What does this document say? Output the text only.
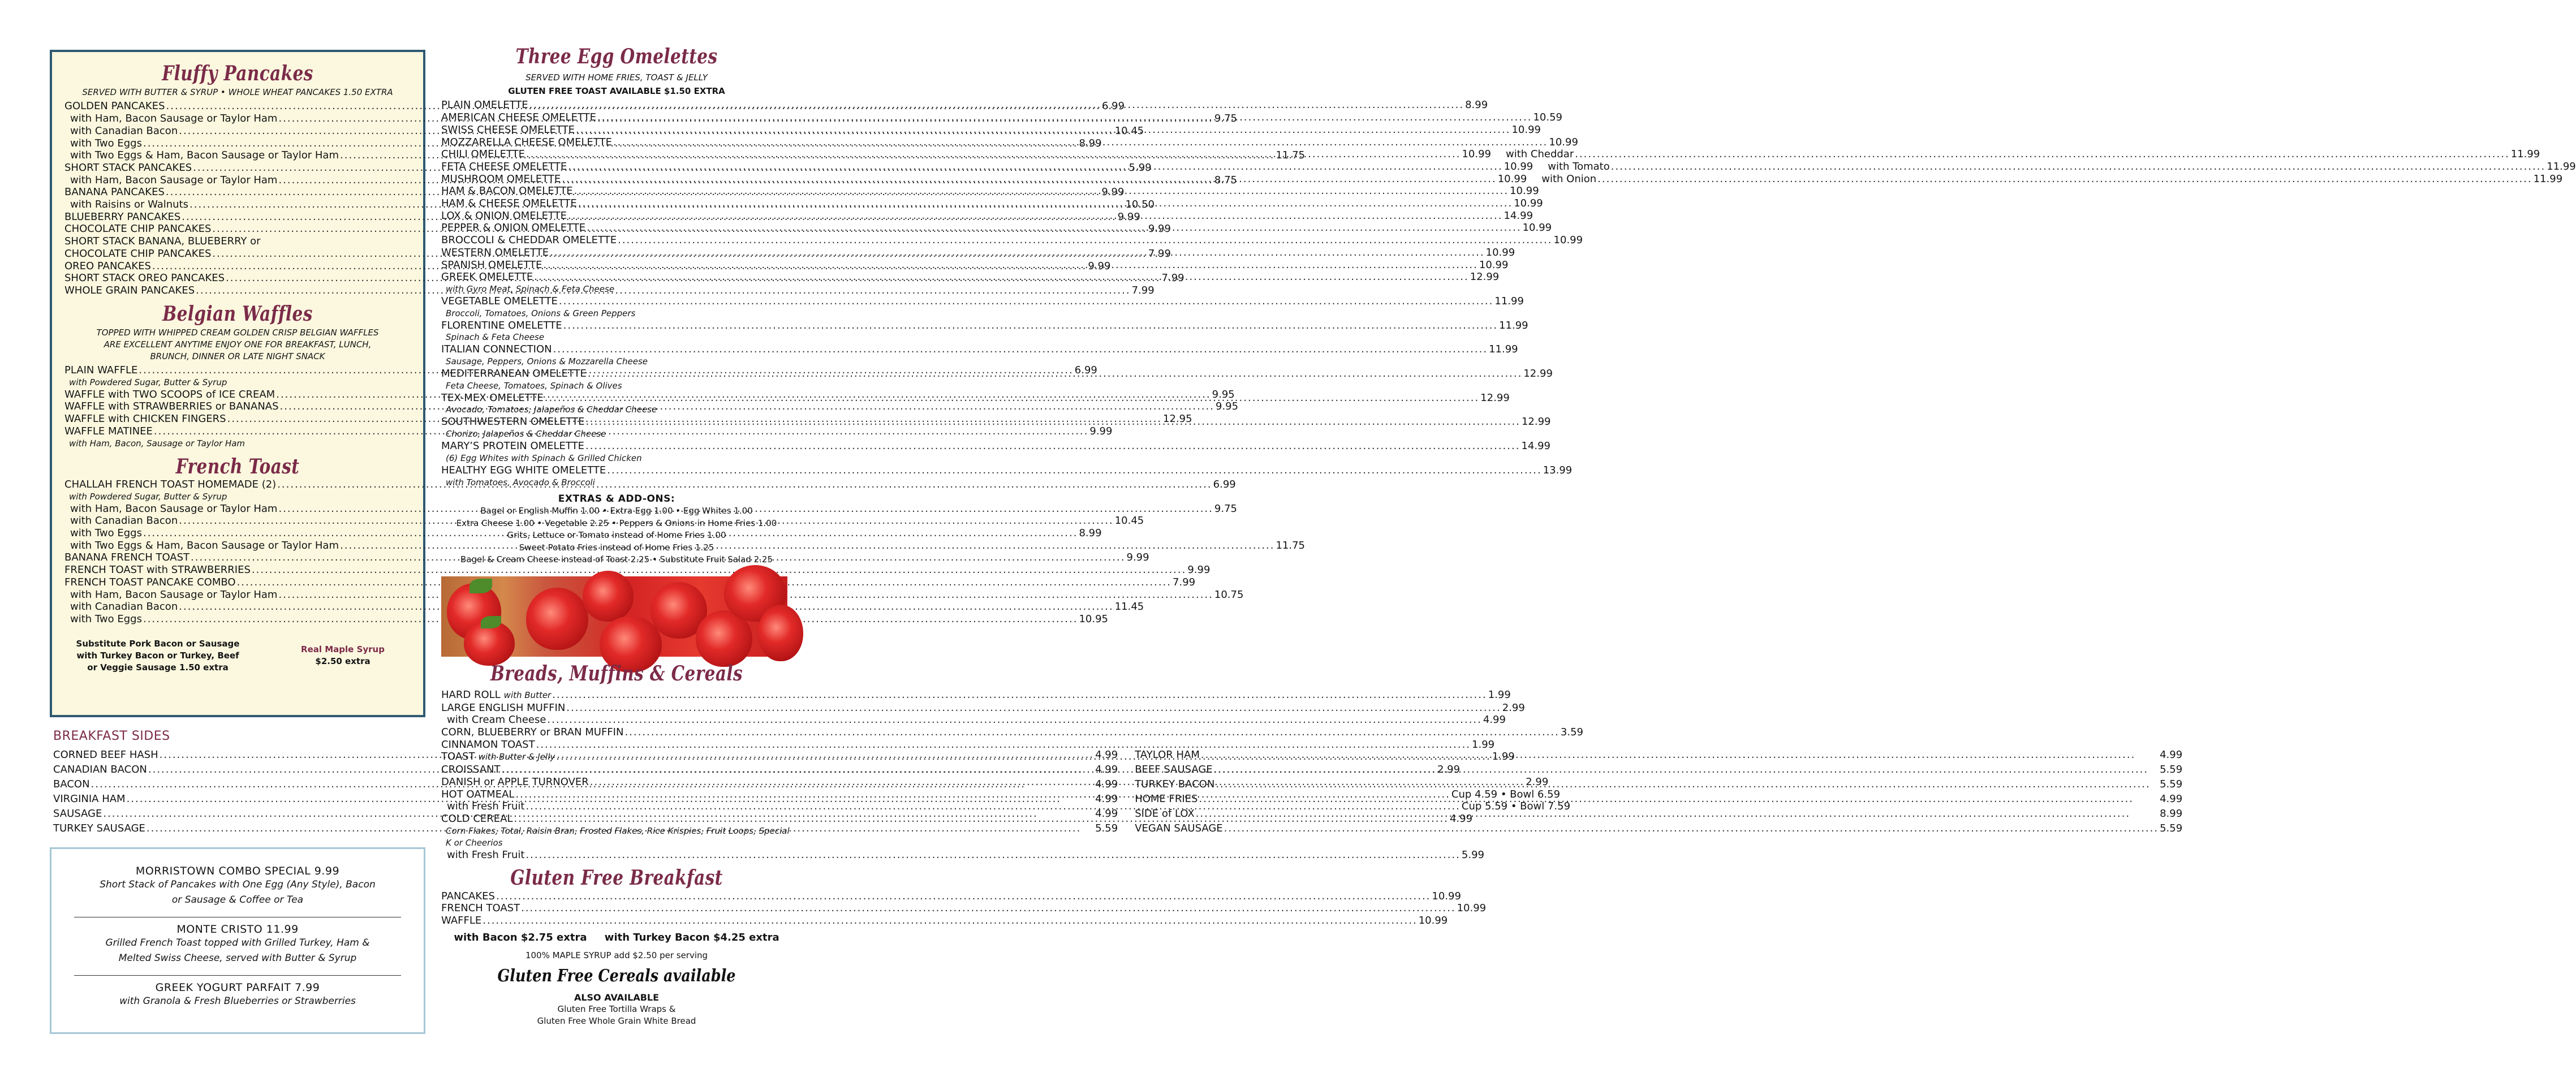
Fluffy Pancakes
SERVED WITH BUTTER & SYRUP • WHOLE WHEAT PANCAKES 1.50 EXTRA
GOLDEN PANCAKES .....	6.99
with Ham, Bacon Sausage or Taylor Ham .....	9.75
with Canadian Bacon .....	10.45
with Two Eggs .....	8.99
with Two Eggs & Ham, Bacon Sausage or Taylor Ham .....	11.75
SHORT STACK PANCAKES .....	5.99
with Ham, Bacon Sausage or Taylor Ham .....	8.75
BANANA PANCAKES .....	9.99
with Raisins or Walnuts .....	10.50
BLUEBERRY PANCAKES .....	9.99
CHOCOLATE CHIP PANCAKES .....	9.99
SHORT STACK BANANA, BLUEBERRY or
CHOCOLATE CHIP PANCAKES .....	7.99
OREO PANCAKES .....	9.99
SHORT STACK OREO PANCAKES .....	7.99
WHOLE GRAIN PANCAKES .....	7.99
Belgian Waffles
TOPPED WITH WHIPPED CREAM GOLDEN CRISP BELGIAN WAFFLES ARE EXCELLENT ANYTIME ENJOY ONE FOR BREAKFAST, LUNCH, BRUNCH, DINNER OR LATE NIGHT SNACK
PLAIN WAFFLE .....	6.99
with Powdered Sugar, Butter & Syrup
WAFFLE with TWO SCOOPS of ICE CREAM .....	9.95
WAFFLE with STRAWBERRIES or BANANAS .....	9.95
WAFFLE with CHICKEN FINGERS .....	12.95
WAFFLE MATINEE .....	9.99
with Ham, Bacon, Sausage or Taylor Ham
French Toast
CHALLAH FRENCH TOAST HOMEMADE (2) .....	6.99
with Powdered Sugar, Butter & Syrup
with Ham, Bacon Sausage or Taylor Ham .....	9.75
with Canadian Bacon .....	10.45
with Two Eggs .....	8.99
with Two Eggs & Ham, Bacon Sausage or Taylor Ham .....	11.75
BANANA FRENCH TOAST .....	9.99
FRENCH TOAST with STRAWBERRIES .....	9.99
FRENCH TOAST PANCAKE COMBO .....	7.99
with Ham, Bacon Sausage or Taylor Ham .....	10.75
with Canadian Bacon .....	11.45
with Two Eggs .....	10.95
Substitute Pork Bacon or Sausage with Turkey Bacon or Turkey, Beef or Veggie Sausage 1.50 extra
Real Maple Syrup
$2.50 extra
BREAKFAST SIDES
CORNED BEEF HASH .....	4.99
CANADIAN BACON .....	4.99
BACON .....	4.99
VIRGINIA HAM .....	4.99
SAUSAGE .....	4.99
TURKEY SAUSAGE .....	5.59
TAYLOR HAM .....	4.99
BEEF SAUSAGE .....	5.59
TURKEY BACON .....	5.59
HOME FRIES .....	4.99
SIDE of LOX .....	8.99
VEGAN SAUSAGE .....	5.59
MORRISTOWN COMBO SPECIAL 9.99
Short Stack of Pancakes with One Egg (Any Style), Bacon or Sausage & Coffee or Tea
MONTE CRISTO 11.99
Grilled French Toast topped with Grilled Turkey, Ham & Melted Swiss Cheese, served with Butter & Syrup
GREEK YOGURT PARFAIT 7.99
with Granola & Fresh Blueberries or Strawberries
Three Egg Omelettes
SERVED WITH HOME FRIES, TOAST & JELLY
GLUTEN FREE TOAST AVAILABLE $1.50 EXTRA
PLAIN OMELETTE .....	8.99
AMERICAN CHEESE OMELETTE .....	10.59
SWISS CHEESE OMELETTE .....	10.99
MOZZARELLA CHEESE OMELETTE .....	10.99
CHILI OMELETTE .....	10.99 with Cheddar .....	11.99
FETA CHEESE OMELETTE .....	10.99 with Tomato .....	11.99
MUSHROOM OMELETTE .....	10.99 with Onion .....	11.99
HAM & BACON OMELETTE .....	10.99
HAM & CHEESE OMELETTE .....	10.99
LOX & ONION OMELETTE .....	14.99
PEPPER & ONION OMELETTE .....	10.99
BROCCOLI & CHEDDAR OMELETTE .....	10.99
WESTERN OMELETTE .....	10.99
SPANISH OMELETTE .....	10.99
GREEK OMELETTE .....	12.99
with Gyro Meat, Spinach & Feta Cheese
VEGETABLE OMELETTE .....	11.99
Broccoli, Tomatoes, Onions & Green Peppers
FLORENTINE OMELETTE .....	11.99
Spinach & Feta Cheese
ITALIAN CONNECTION .....	11.99
Sausage, Peppers, Onions & Mozzarella Cheese
MEDITERRANEAN OMELETTE .....	12.99
Feta Cheese, Tomatoes, Spinach & Olives
TEX-MEX OMELETTE .....	12.99
Avocado, Tomatoes, Jalapeños & Cheddar Cheese
SOUTHWESTERN OMELETTE .....	12.99
Chorizo, Jalapeños & Cheddar Cheese
MARY’S PROTEIN OMELETTE .....	14.99
(6) Egg Whites with Spinach & Grilled Chicken
HEALTHY EGG WHITE OMELETTE .....	13.99
with Tomatoes, Avocado & Broccoli
EXTRAS & ADD-ONS:
Bagel or English Muffin 1.00 • Extra Egg 1.00 • Egg Whites 1.00
Extra Cheese 1.00 • Vegetable 2.25 • Peppers & Onions in Home Fries 1.00
Grits, Lettuce or Tomato instead of Home Fries 1.00
Sweet Potato Fries instead of Home Fries 1.25
Bagel & Cream Cheese instead of Toast 2.25 • Substitute Fruit Salad 2.25
Breads, Muffins & Cereals
HARD ROLL with Butter .....	1.99
LARGE ENGLISH MUFFIN .....	2.99
with Cream Cheese .....	4.99
CORN, BLUEBERRY or BRAN MUFFIN .....	3.59
CINNAMON TOAST .....	1.99
TOAST with Butter & Jelly .....	1.99
CROISSANT .....	2.99
DANISH or APPLE TURNOVER .....	2.99
HOT OATMEAL .....	Cup 4.59 • Bowl 6.59
with Fresh Fruit .....	Cup 5.59 • Bowl 7.59
COLD CEREAL .....	4.99
Corn Flakes, Total, Raisin Bran, Frosted Flakes, Rice Krispies, Fruit Loops, Special K or Cheerios
with Fresh Fruit .....	5.99
Gluten Free Breakfast
PANCAKES .....	10.99
FRENCH TOAST .....	10.99
WAFFLE .....	10.99
with Bacon $2.75 extra     with Turkey Bacon $4.25 extra
100% MAPLE SYRUP add $2.50 per serving
Gluten Free Cereals available
ALSO AVAILABLE
Gluten Free Tortilla Wraps &
Gluten Free Whole Grain White Bread
